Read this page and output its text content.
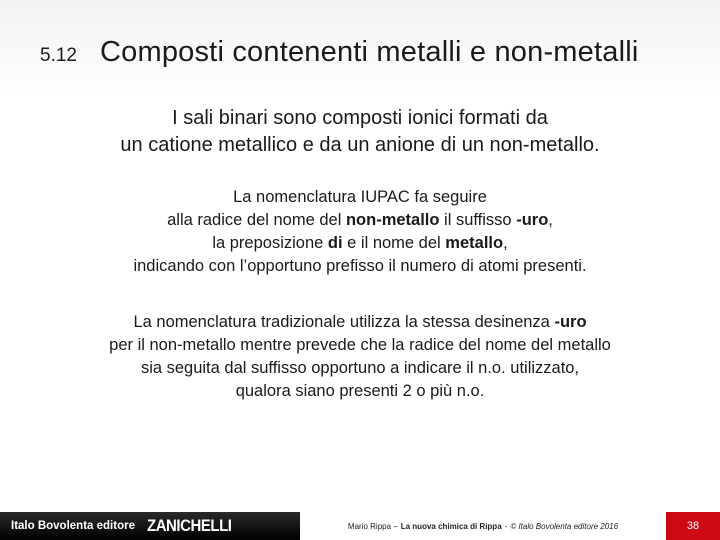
5.12 Composti contenenti metalli e non-metalli
I sali binari sono composti ionici formati da
un catione metallico e da un anione di un non-metallo.
La nomenclatura IUPAC fa seguire
alla radice del nome del non-metallo il suffisso -uro,
la preposizione di e il nome del metallo,
indicando con l’opportuno prefisso il numero di atomi presenti.
La nomenclatura tradizionale utilizza la stessa desinenza -uro
per il non-metallo mentre prevede che la radice del nome del metallo
sia seguita dal suffisso opportuno a indicare il n.o. utilizzato,
qualora siano presenti 2 o più n.o.
Italo Bovolenta editore ZANICHELLI	Mario Rippa – La nuova chimica di Rippa - © Italo Bovolenta editore 2016	38
